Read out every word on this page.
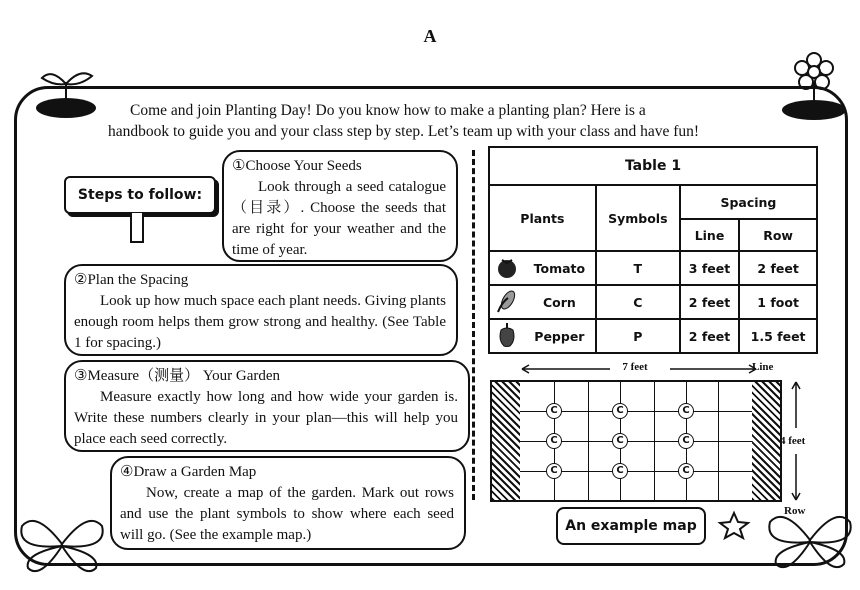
A
Come and join Planting Day! Do you know how to make a planting plan? Here is a
handbook to guide you and your class step by step. Let’s team up with your class and have fun!
Steps to follow:
①Choose Your Seeds
Look through a seed catalogue（目录）. Choose the seeds that are right for your weather and the time of year.
②Plan the Spacing
Look up how much space each plant needs. Giving plants enough room helps them grow strong and healthy. (See Table 1 for spacing.)
③Measure（测量） Your Garden
Measure exactly how long and how wide your garden is. Write these numbers clearly in your plan—this will help you place each seed correctly.
④Draw a Garden Map
Now, create a map of the garden. Mark out rows and use the plant symbols to show where each seed will go. (See the example map.)
Table 1				
Plants		Symbols	Spacing	
			Line	Row
	Tomato	T	3 feet	2 feet
	Corn	C	2 feet	1 foot
	Pepper	P	2 feet	1.5 feet
7 feet	Line
4 feet
Row
C	C	C
C	C	C
C	C	C
An example map
